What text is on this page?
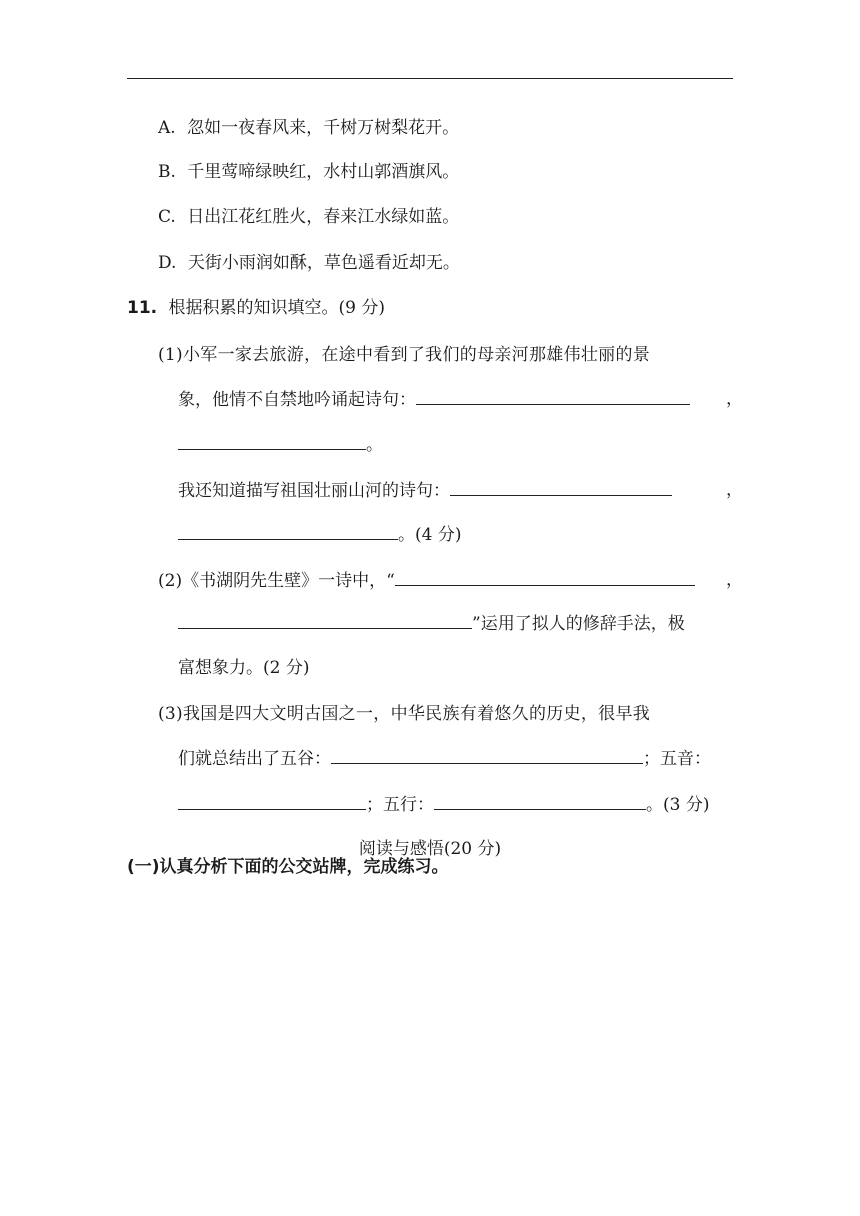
A. 忽如一夜春风来，千树万树梨花开。
B. 千里莺啼绿映红，水村山郭酒旗风。
C. 日出江花红胜火，春来江水绿如蓝。
D. 天街小雨润如酥，草色遥看近却无。
11. 根据积累的知识填空。(9 分)
(1)小军一家去旅游，在途中看到了我们的母亲河那雄伟壮丽的景
象，他情不自禁地吟诵起诗句：	，
。
我还知道描写祖国壮丽山河的诗句：	，
。(4 分)
(2)《书湖阴先生壁》一诗中，“	，
”运用了拟人的修辞手法，极
富想象力。(2 分)
(3)我国是四大文明古国之一，中华民族有着悠久的历史，很早我
们就总结出了五谷：	；五音：
；五行：	。(3 分)
阅读与感悟(20 分)
(一)认真分析下面的公交站牌，完成练习。
